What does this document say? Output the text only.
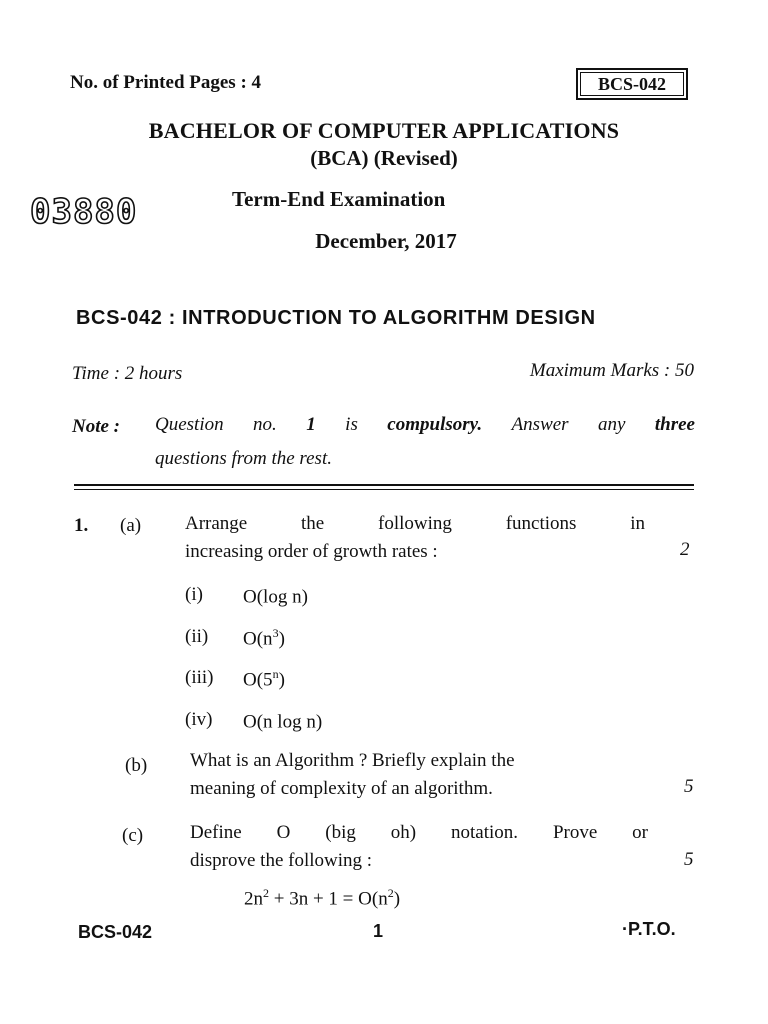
No. of Printed Pages : 4	BCS-042
BACHELOR OF COMPUTER APPLICATIONS
(BCA) (Revised)
03880	Term-End Examination
December, 2017
BCS-042 : INTRODUCTION TO ALGORITHM DESIGN
Time : 2 hours	Maximum Marks : 50
Note : Question no. 1 is compulsory. Answer any three
questions from the rest.
1. (a) Arrange	the	following	functions	in
increasing order of growth rates :	2
(i) O(log n)
(ii) $O(n^3)$
(iii) O(5$^n$)
(iv) O(n log n)
(b) What is an Algorithm ? Briefly explain the
meaning of complexity of an algorithm.	5
(c) Define O (big oh) notation. Prove or
disprove the following :	5
$2n^2 + 3n + 1 = O(n^2)$
BCS-042	1	·P.T.O.
